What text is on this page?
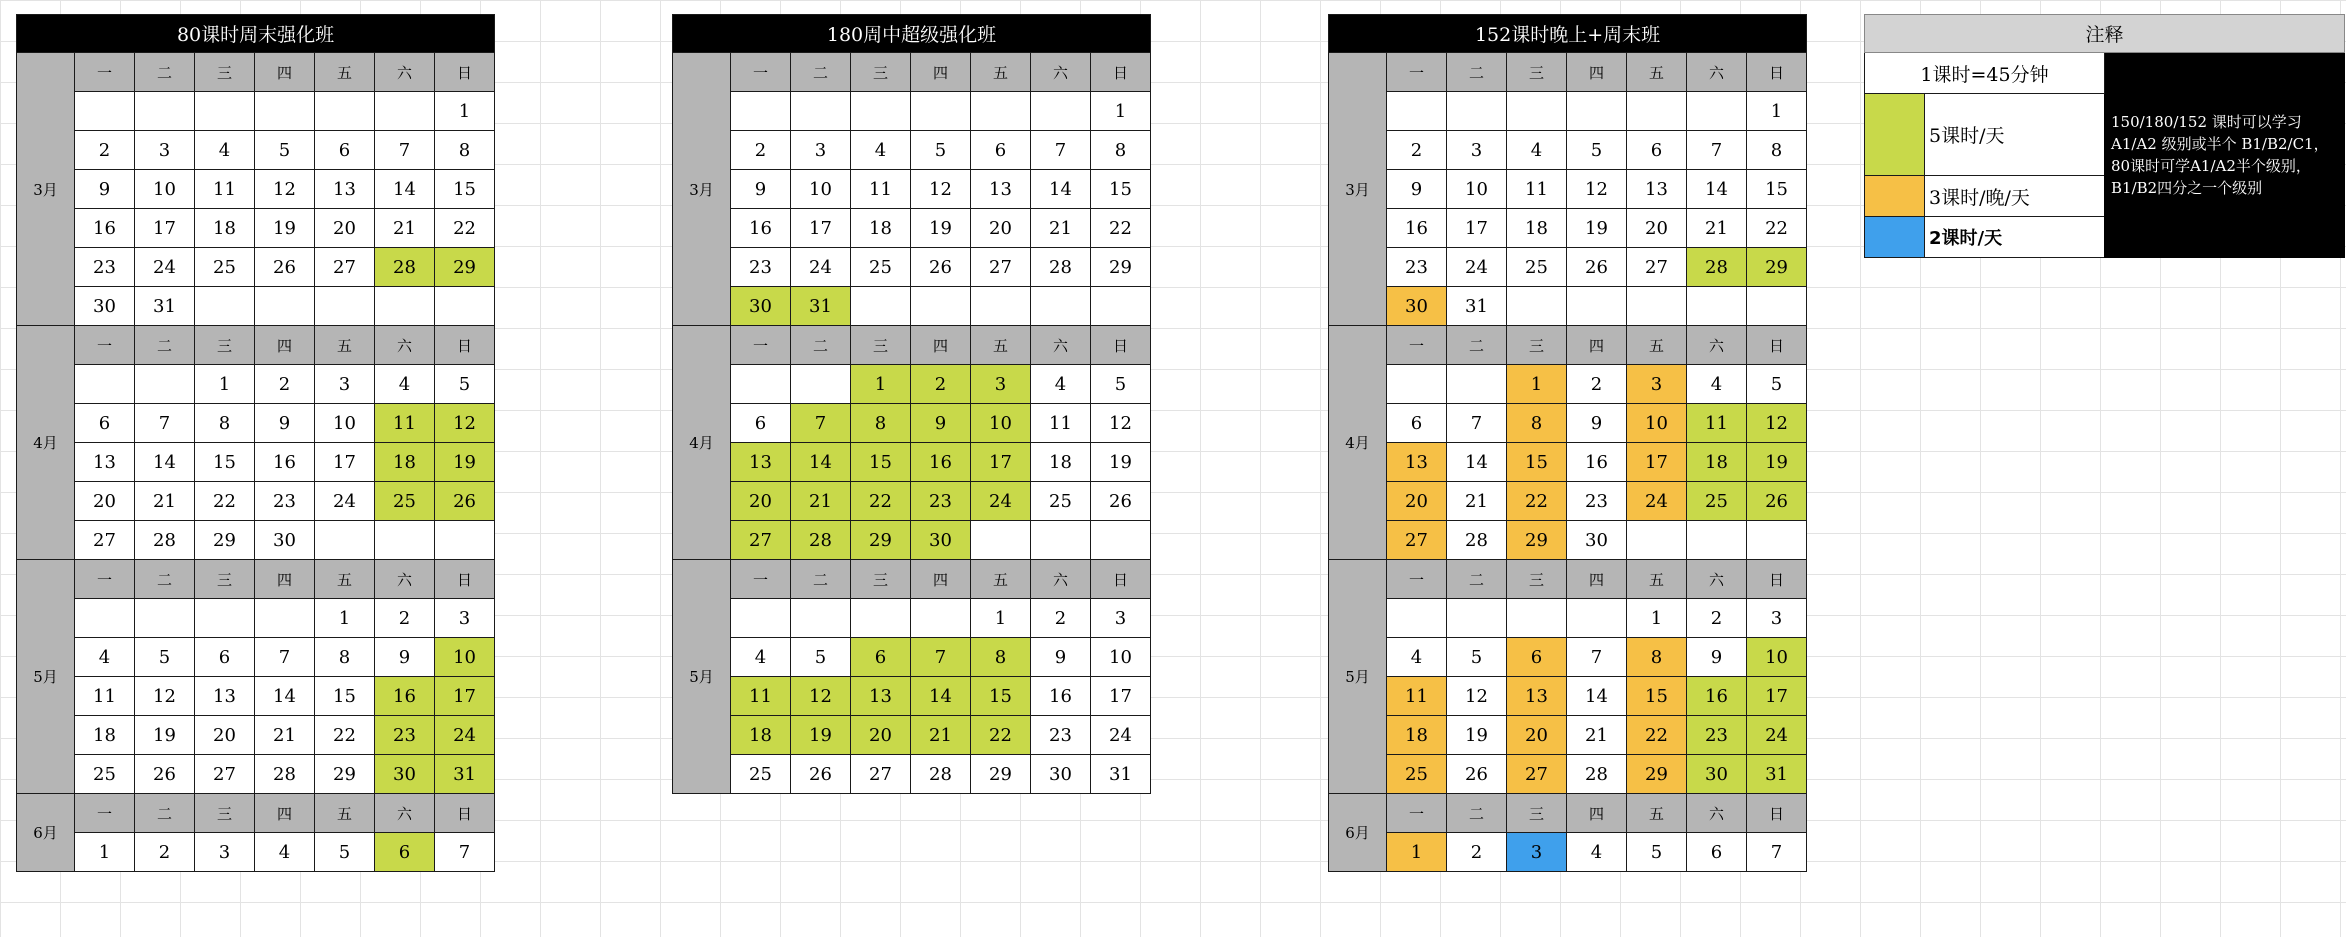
80课时周末强化班							
3月	一	二	三	四	五	六	日
							1
	2	3	4	5	6	7	8
	9	10	11	12	13	14	15
	16	17	18	19	20	21	22
	23	24	25	26	27	28	29
	30	31					
4月	一	二	三	四	五	六	日
			1	2	3	4	5
	6	7	8	9	10	11	12
	13	14	15	16	17	18	19
	20	21	22	23	24	25	26
	27	28	29	30			
5月	一	二	三	四	五	六	日
					1	2	3
	4	5	6	7	8	9	10
	11	12	13	14	15	16	17
	18	19	20	21	22	23	24
	25	26	27	28	29	30	31
6月	一	二	三	四	五	六	日
	1	2	3	4	5	6	7
180周中超级强化班							
3月	一	二	三	四	五	六	日
							1
	2	3	4	5	6	7	8
	9	10	11	12	13	14	15
	16	17	18	19	20	21	22
	23	24	25	26	27	28	29
	30	31					
4月	一	二	三	四	五	六	日
			1	2	3	4	5
	6	7	8	9	10	11	12
	13	14	15	16	17	18	19
	20	21	22	23	24	25	26
	27	28	29	30			
5月	一	二	三	四	五	六	日
					1	2	3
	4	5	6	7	8	9	10
	11	12	13	14	15	16	17
	18	19	20	21	22	23	24
	25	26	27	28	29	30	31
152课时晚上+周末班							
3月	一	二	三	四	五	六	日
							1
	2	3	4	5	6	7	8
	9	10	11	12	13	14	15
	16	17	18	19	20	21	22
	23	24	25	26	27	28	29
	30	31					
4月	一	二	三	四	五	六	日
			1	2	3	4	5
	6	7	8	9	10	11	12
	13	14	15	16	17	18	19
	20	21	22	23	24	25	26
	27	28	29	30			
5月	一	二	三	四	五	六	日
					1	2	3
	4	5	6	7	8	9	10
	11	12	13	14	15	16	17
	18	19	20	21	22	23	24
	25	26	27	28	29	30	31
6月	一	二	三	四	五	六	日
	1	2	3	4	5	6	7
注释		
1课时=45分钟		150/180/152 课时可以学习A1/A2 级别或半个 B1/B2/C1，80课时可学A1/A2半个级别，B1/B2四分之一个级别
	5课时/天	
	3课时/晚/天	
	2课时/天	
